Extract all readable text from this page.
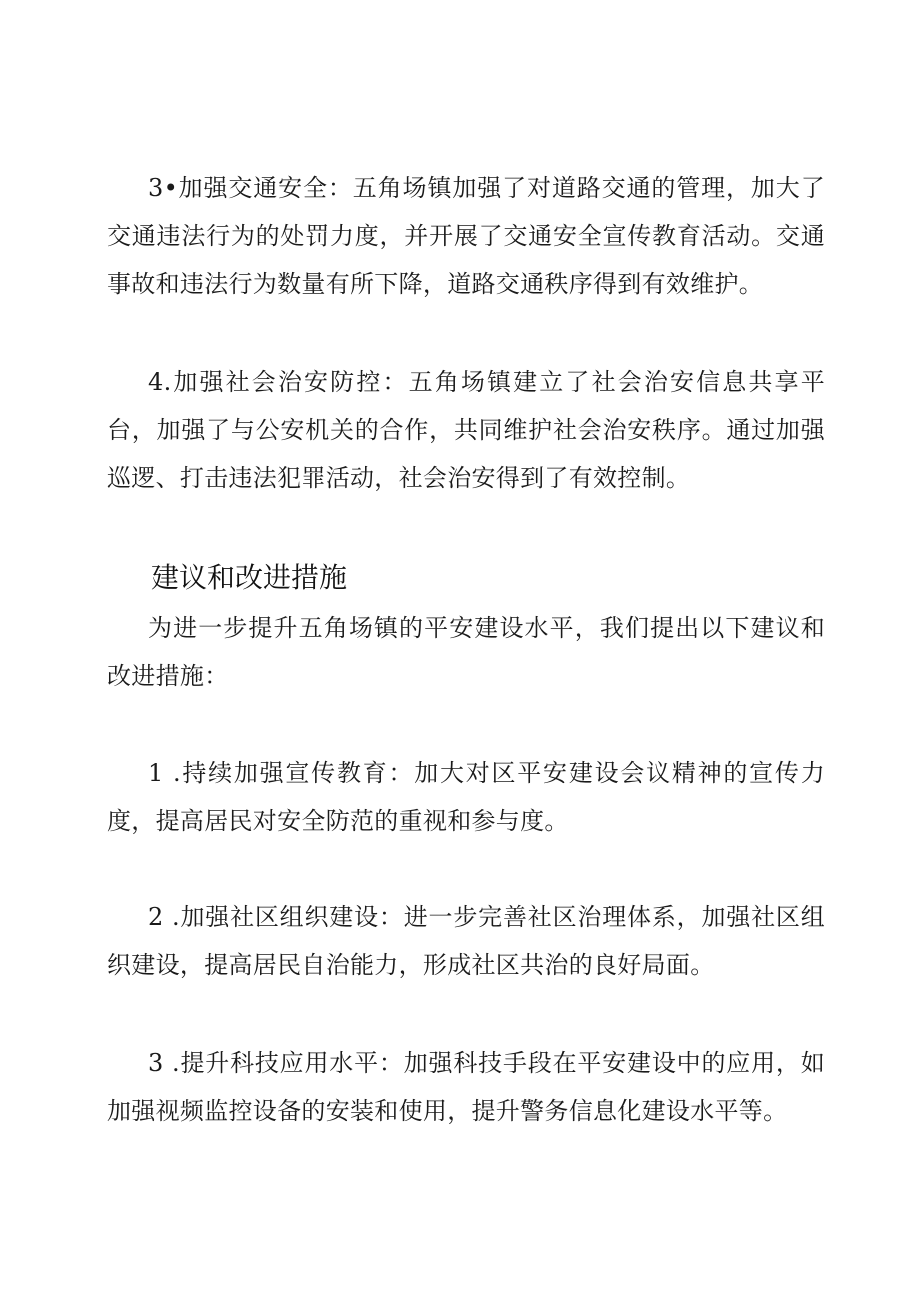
3•加强交通安全：五角场镇加强了对道路交通的管理，加大了交通违法行为的处罚力度，并开展了交通安全宣传教育活动。交通事故和违法行为数量有所下降，道路交通秩序得到有效维护。

4.加强社会治安防控：五角场镇建立了社会治安信息共享平台，加强了与公安机关的合作，共同维护社会治安秩序。通过加强巡逻、打击违法犯罪活动，社会治安得到了有效控制。

建议和改进措施

为进一步提升五角场镇的平安建设水平，我们提出以下建议和改进措施：

1 .持续加强宣传教育：加大对区平安建设会议精神的宣传力度，提高居民对安全防范的重视和参与度。

2 .加强社区组织建设：进一步完善社区治理体系，加强社区组织建设，提高居民自治能力，形成社区共治的良好局面。

3 .提升科技应用水平：加强科技手段在平安建设中的应用，如加强视频监控设备的安装和使用，提升警务信息化建设水平等。
